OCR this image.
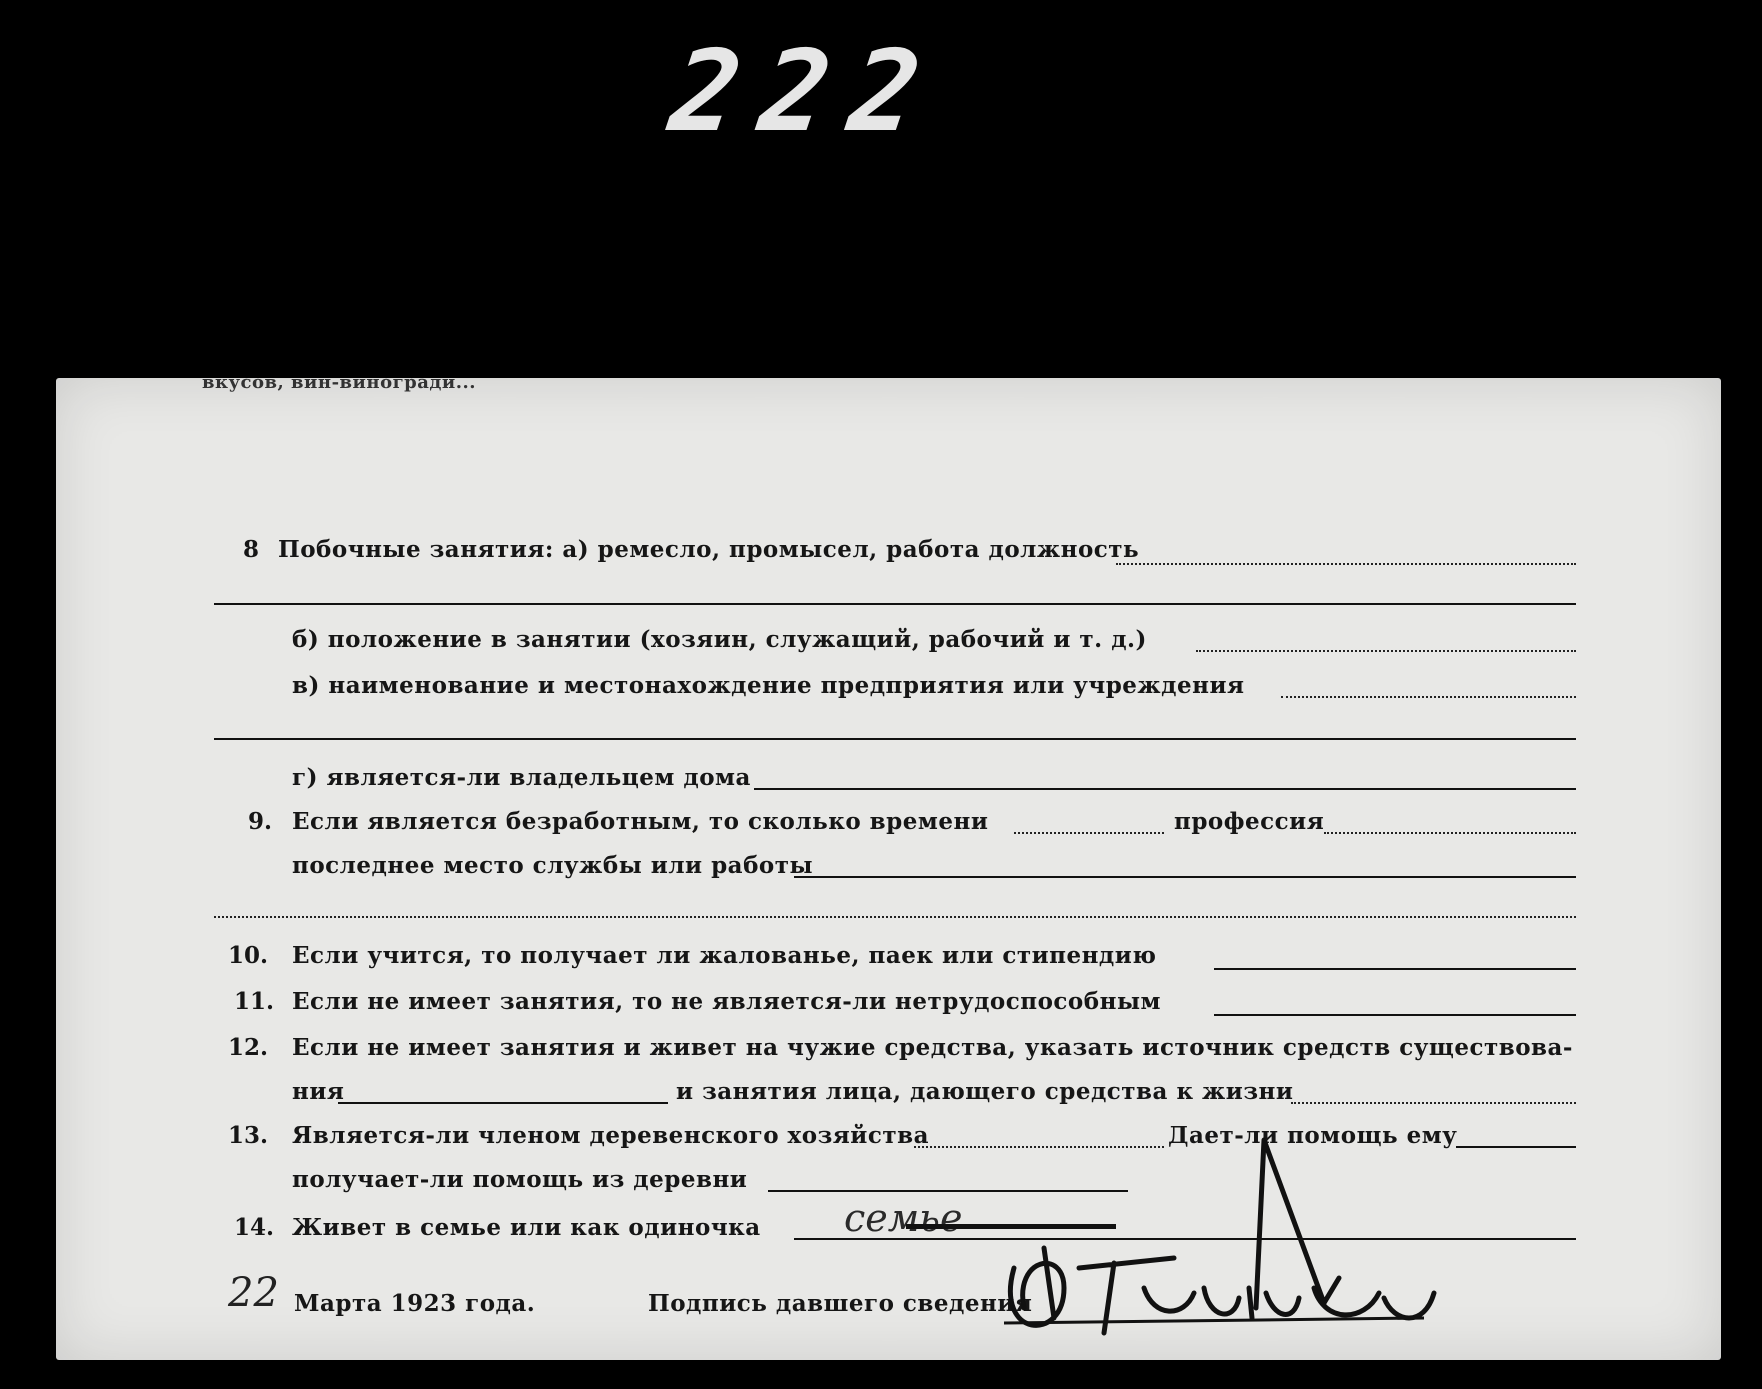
222
вкусов, вин-виногради...
8 Побочные занятия: а) ремесло, промысел, работа должность
б) положение в занятии (хозяин, служащий, рабочий и т. д.)
в) наименование и местонахождение предприятия или учреждения
г) является-ли владельцем дома
9. Если является безработным, то сколько времени	профессия
последнее место службы или работы
10. Если учится, то получает ли жалованье, паек или стипендию
11. Если не имеет занятия, то не является-ли нетрудоспособным
12. Если не имеет занятия и живет на чужие средства, указать источник средств существова-
ния	и занятия лица, дающего средства к жизни
13. Является-ли членом деревенского хозяйства	Дает-ли помощь ему
получает-ли помощь из деревни
14. Живет в семье или как одиночка семье
22 Марта 1923 года.	Подпись давшего сведения
